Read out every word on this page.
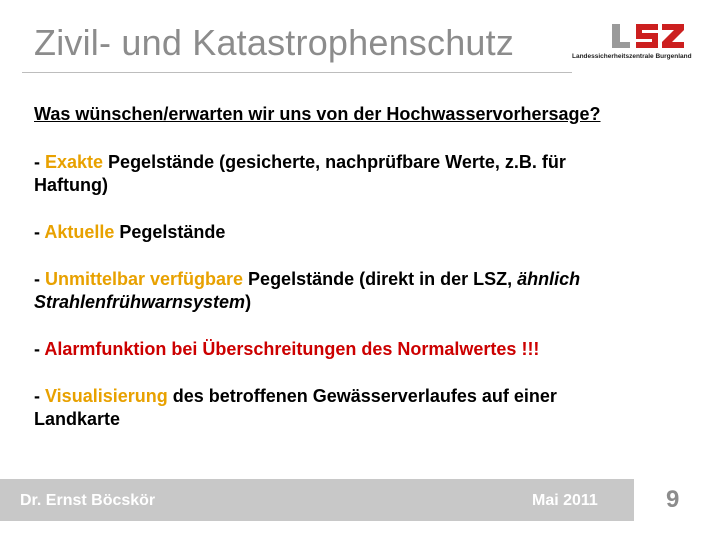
Zivil- und Katastrophenschutz
LSZ
Landessicherheitszentrale Burgenland
Was wünschen/erwarten wir uns von der Hochwasservorhersage?
- Exakte Pegelstände (gesicherte, nachprüfbare Werte, z.B. für
Haftung)
- Aktuelle Pegelstände
- Unmittelbar verfügbare Pegelstände (direkt in der LSZ, ähnlich
Strahlenfrühwarnsystem)
- Alarmfunktion bei Überschreitungen des Normalwertes !!!
- Visualisierung des betroffenen Gewässerverlaufes auf einer
Landkarte
Dr. Ernst Böcskör	Mai 2011	9
